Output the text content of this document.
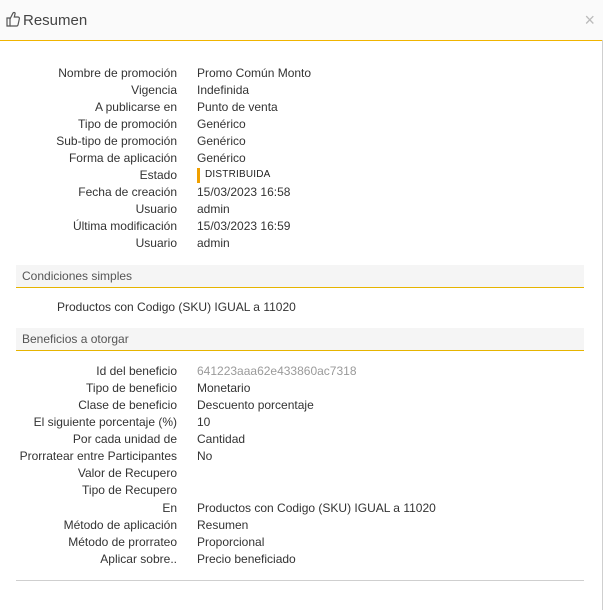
Resumen	×
Nombre de promoción Promo Común Monto
Vigencia Indefinida
A publicarse en Punto de venta
Tipo de promoción Genérico
Sub-tipo de promoción Genérico
Forma de aplicación Genérico
Estado	DISTRIBUIDA
Fecha de creación 15/03/2023 16:58
Usuario admin
Última modificación 15/03/2023 16:59
Usuario admin
Condiciones simples
Productos con Codigo (SKU) IGUAL a 11020
Beneficios a otorgar
Id del beneficio 641223aaa62e433860ac7318
Tipo de beneficio Monetario
Clase de beneficio Descuento porcentaje
El siguiente porcentaje (%) 10
Por cada unidad de Cantidad
Prorratear entre Participantes No
Valor de Recupero
Tipo de Recupero
En Productos con Codigo (SKU) IGUAL a 11020
Método de aplicación Resumen
Método de prorrateo Proporcional
Aplicar sobre.. Precio beneficiado
